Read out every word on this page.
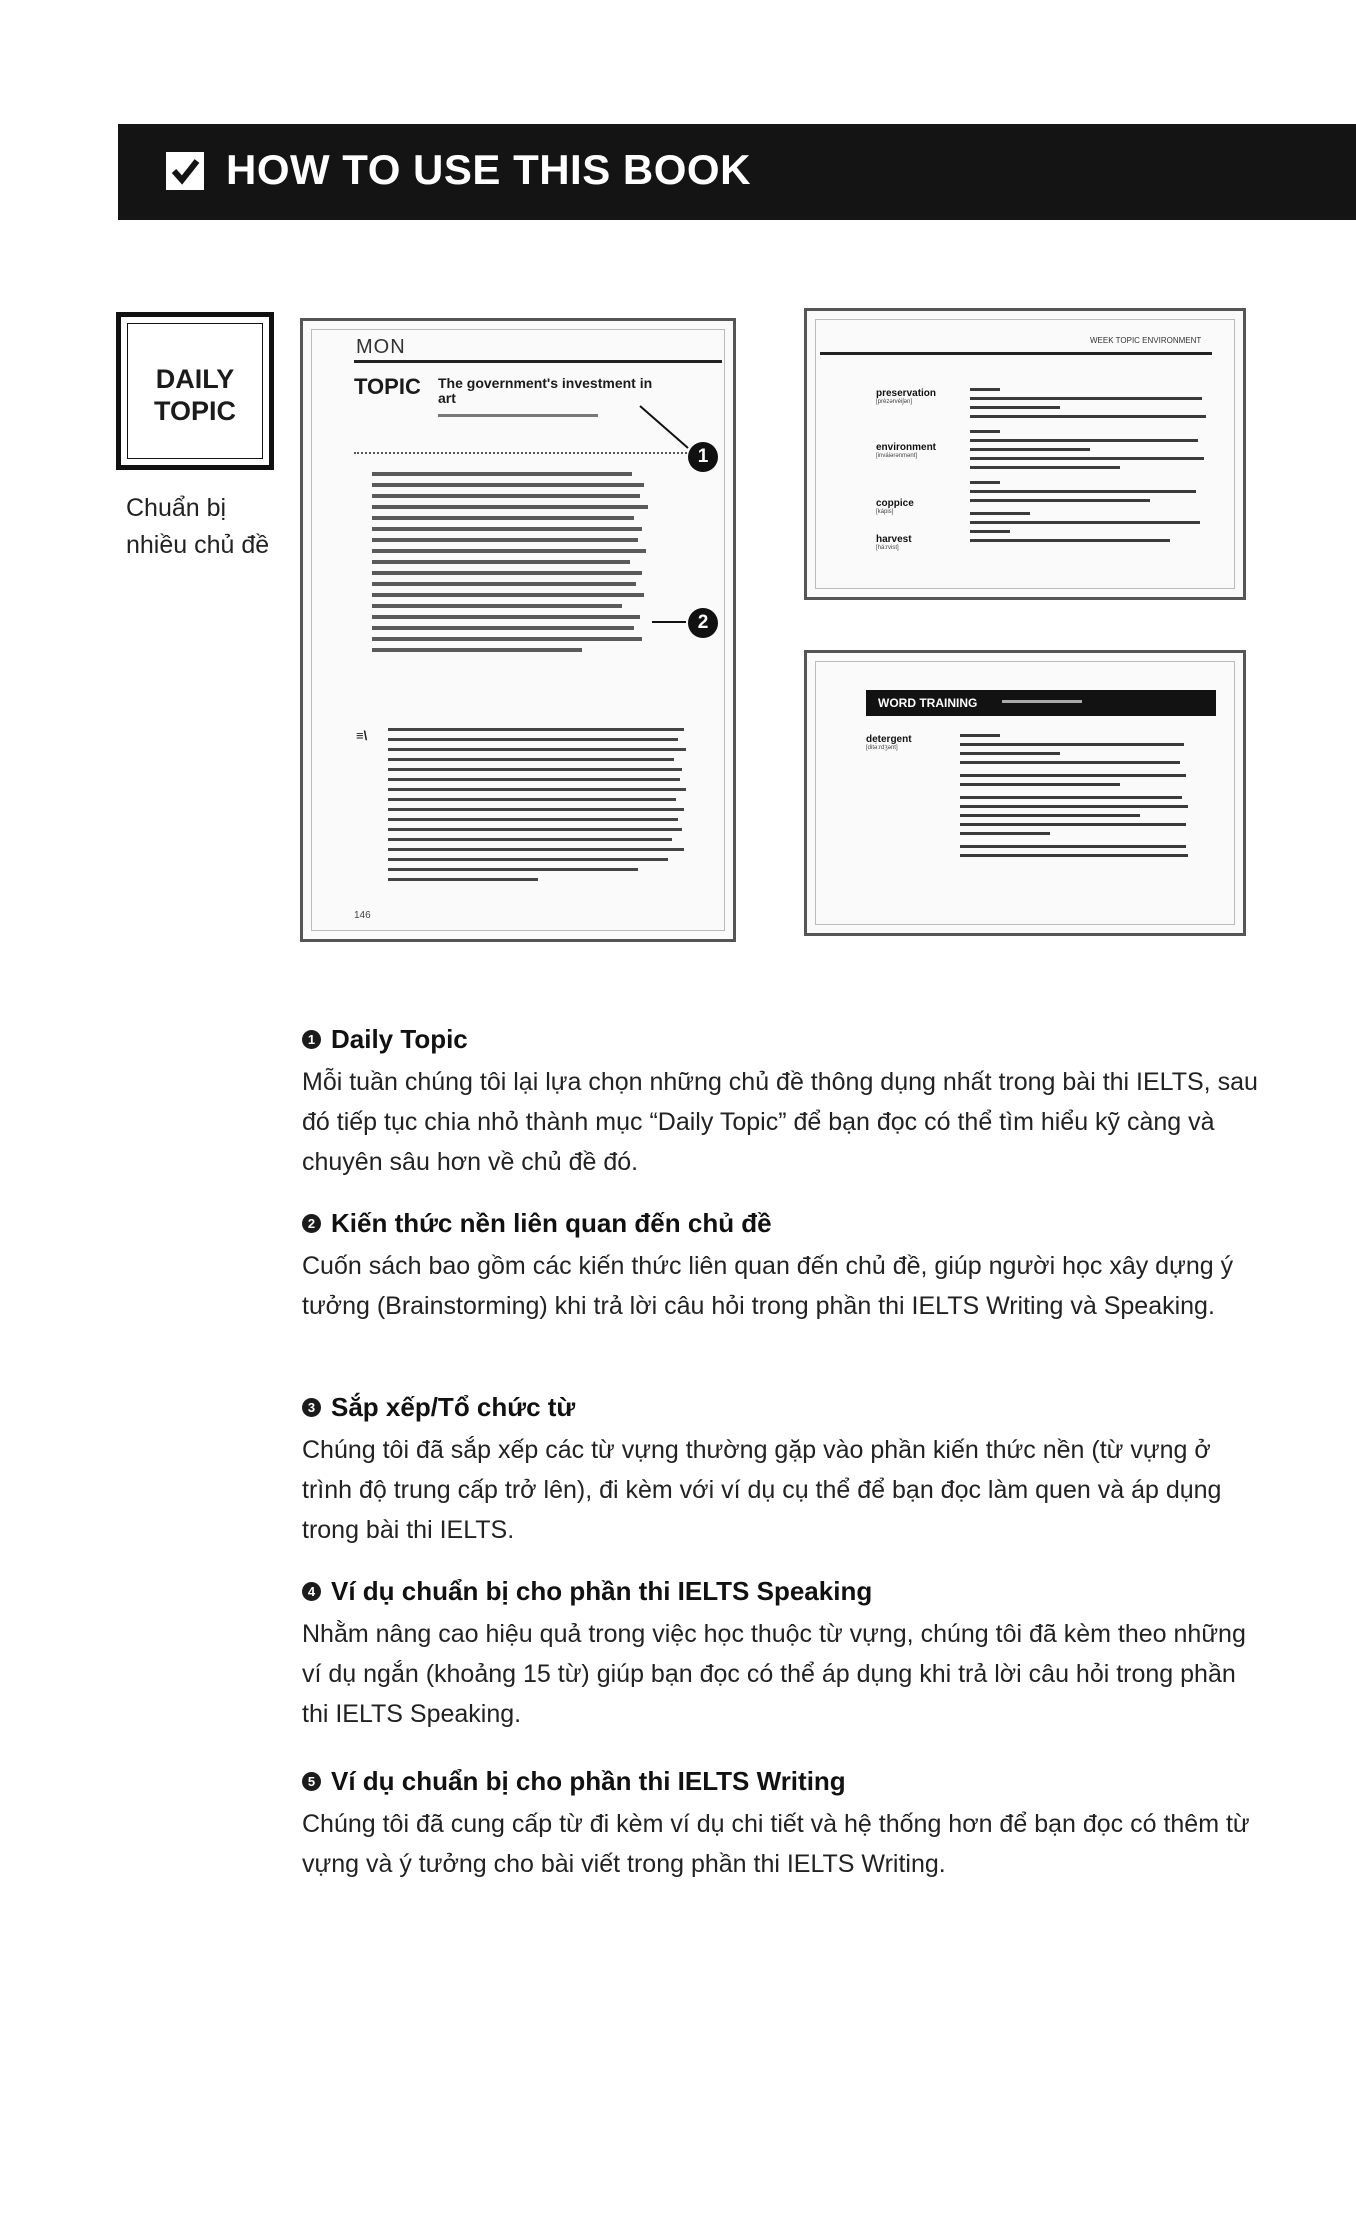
HOW TO USE THIS BOOK
DAILY
TOPIC
Chuẩn bị
nhiều chủ đề
MON
TOPIC The government's investment in art
≡\
146
1
2
WEEK TOPIC ENVIRONMENT
preservation
[prèzərvéiʃən]
environment
[inváiərənmənt]
coppice
[kápis]
harvest
[há:rvist]
WORD TRAINING
detergent
[ditə́:rdʒənt]
1 Daily Topic

Mỗi tuần chúng tôi lại lựa chọn những chủ đề thông dụng nhất trong bài thi IELTS, sau đó tiếp tục chia nhỏ thành mục “Daily Topic” để bạn đọc có thể tìm hiểu kỹ càng và chuyên sâu hơn về chủ đề đó.

2 Kiến thức nền liên quan đến chủ đề

Cuốn sách bao gồm các kiến thức liên quan đến chủ đề, giúp người học xây dựng ý tưởng (Brainstorming) khi trả lời câu hỏi trong phần thi IELTS Writing và Speaking.

3 Sắp xếp/Tổ chức từ

Chúng tôi đã sắp xếp các từ vựng thường gặp vào phần kiến thức nền (từ vựng ở trình độ trung cấp trở lên), đi kèm với ví dụ cụ thể để bạn đọc làm quen và áp dụng trong bài thi IELTS.

4 Ví dụ chuẩn bị cho phần thi IELTS Speaking

Nhằm nâng cao hiệu quả trong việc học thuộc từ vựng, chúng tôi đã kèm theo những ví dụ ngắn (khoảng 15 từ) giúp bạn đọc có thể áp dụng khi trả lời câu hỏi trong phần thi IELTS Speaking.

5 Ví dụ chuẩn bị cho phần thi IELTS Writing

Chúng tôi đã cung cấp từ đi kèm ví dụ chi tiết và hệ thống hơn để bạn đọc có thêm từ vựng và ý tưởng cho bài viết trong phần thi IELTS Writing.
